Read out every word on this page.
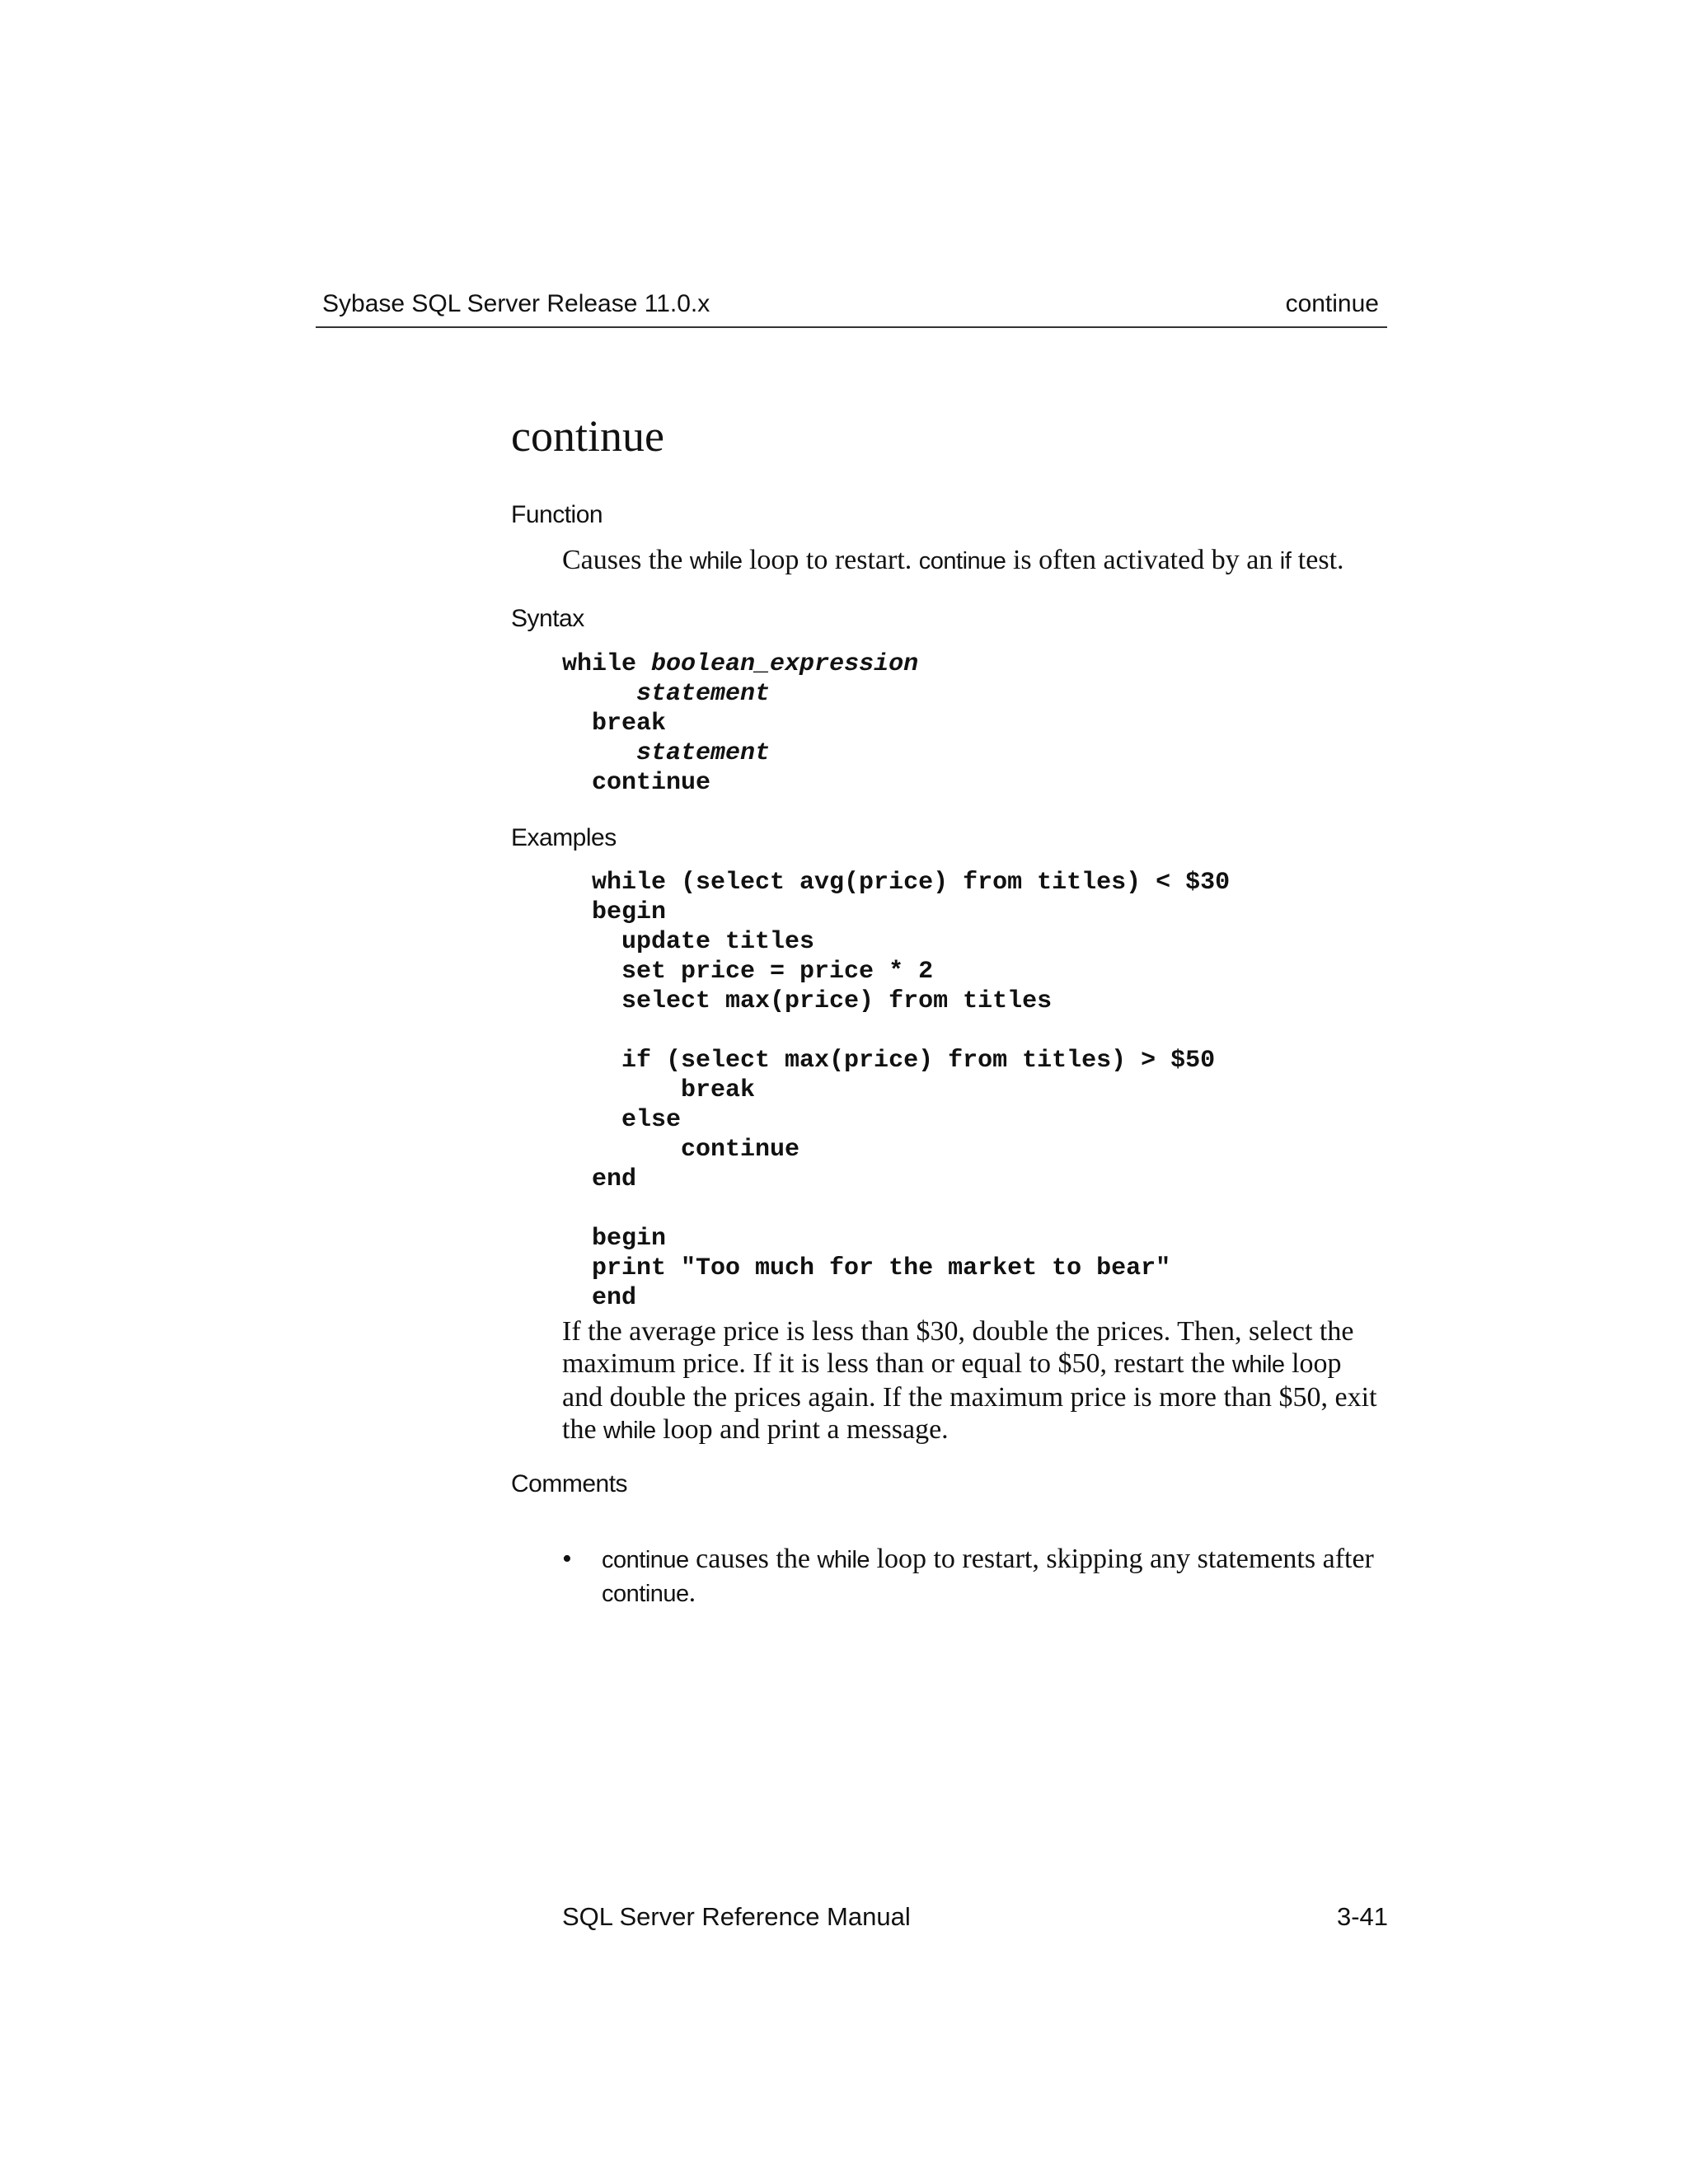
Sybase SQL Server Release 11.0.x	continue
continue
Function
Causes the while loop to restart. continue is often activated by an if test.
Syntax
while boolean_expression
statement
break
statement
continue
Examples
while (select avg(price) from titles) < $30
begin
update titles
set price = price * 2
select max(price) from titles
if (select max(price) from titles) > $50
break
else
continue
end
begin
print "Too much for the market to bear"
end
If the average price is less than $30, double the prices. Then, select the maximum price. If it is less than or equal to $50, restart the while loop and double the prices again. If the maximum price is more than $50, exit the while loop and print a message.
Comments
• continue causes the while loop to restart, skipping any statements after continue.
SQL Server Reference Manual	3-41
